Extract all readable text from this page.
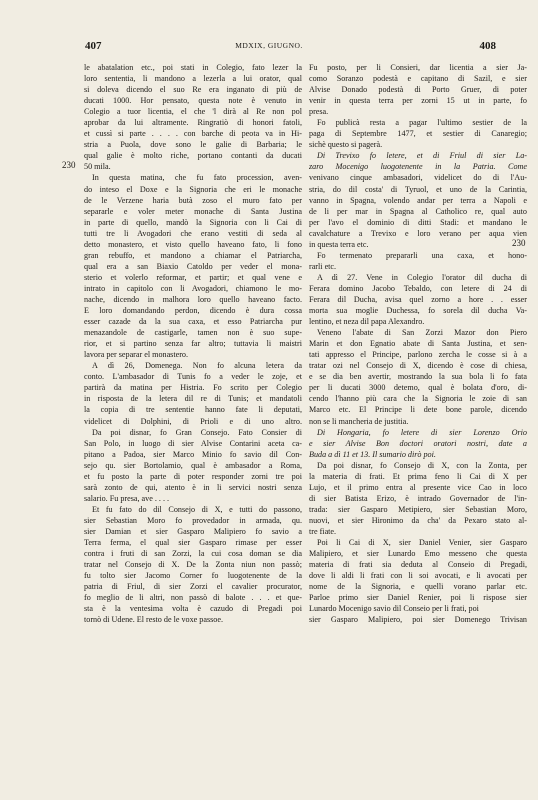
407	MDXIX, GIUGNO.	408
230
230
le abatalation etc., poi stati in Colegio, fato lezer la
loro sententia, li mandono a lezerla a lui orator, qual
si doleva dicendo el suo Re era inganato di più de
ducati 1000. Hor pensato, questa note è venuto in
Colegio a tuor licentia, el che 'l dirà al Re non pol
aprobar da lui altramente. Ringratiò di honori fatoli,
et cussì si parte . . . . con barche di peota va in Hi-
stria a Puola, dove sono le galie di Barbaria; le
qual galie è molto riche, portano contanti da ducati
50 mila.
In questa matina, che fu fato procession, aven-
do inteso el Doxe e la Signoria che eri le monache
de le Verzene haria butà zoso el muro fato per
separarle e voler meter monache di Santa Justina
in parte di quello, mandò la Signoria con li Cai di
tutti tre li Avogadori che erano vestiti di seda al
detto monastero, et visto quello haveano fato, li fono
gran rebuffo, et mandono a chiamar el Patriarcha,
qual era a san Biaxio Catoldo per veder el mona-
sterio et volerlo reformar, et partir; et qual vene e
intrato in capitolo con li Avogadori, chiamono le mo-
nache, dicendo in malhora loro quello haveano facto.
E loro domandando perdon, dicendo è dura cossa
esser cazade da la sua caxa, et esso Patriarcha pur
menazandole de castigarle, tamen non è suo supe-
rior, et si partino senza far altro; tuttavia li maistri
lavora per separar el monastero.
A dì 26, Domenega. Non fo alcuna letera da
conto. L'ambasador di Tunis fo a veder le zoje, et
partirà da matina per Histria. Fo scrito per Colegio
in risposta de la letera dil re di Tunis; et mandatoli
la copia di tre sententie hanno fate li deputati,
videlicet di Dolphini, di Prioli e di uno altro.
Da poi disnar, fo Gran Consejo. Fato Consier di
San Polo, in luogo di sier Alvise Contarini aceta ca-
pitano a Padoa, sier Marco Minio fo savio dil Con-
sejo qu. sier Bortolamio, qual è ambasador a Roma,
et fu posto la parte di poter responder zorni tre poi
sarà zonto de qui, atento è in li servici nostri senza
salario. Fu presa, ave . . . .
Et fu fato do dil Consejo di X, e tutti do passono,
sier Sebastian Moro fo provedador in armada, qu.
sier Damian et sier Gasparo Malipiero fo savio a
Terra ferma, el qual sier Gasparo rimase per esser
contra i fruti di san Zorzi, la cui cosa doman se dia
tratar nel Consejo di X. De la Zonta niun non passò;
fu tolto sier Jacomo Corner fo luogotenente de la
patria di Friul, di sier Zorzi el cavalier procurator,
fo meglio de li altri, non passò di balote . . . et que-
sta è la ventesima volta è cazudo di Pregadi poi
tornò di Udene. El resto de le voxe passoe.
Fu posto, per li Consieri, dar licentia a sier Ja-
como Soranzo podestà e capitano di Sazil, e sier
Alvise Donado podestà di Porto Gruer, di poter
venir in questa terra per zorni 15 ut in parte, fo
presa.
Fo publicà resta a pagar l'ultimo sestier de la
paga di Septembre 1477, et sestier di Canaregio;
sichè questo si pagerà.
Di Trevixo fo letere, et di Friul di sier La-
zaro Mocenigo luogotenente in la Patria. Come
venivano cinque ambasadori, videlicet do di l'Au-
stria, do dil costa' di Tyruol, et uno de la Carintia,
vanno in Spagna, volendo andar per terra a Napoli e
de li per mar in Spagna al Catholico re, qual auto
per l'avo el dominio di ditti Stadi: et mandano le
cavalchature a Trevixo e loro verano per aqua vien
in questa terra etc.
Fo termenato prepararli una caxa, et hono-
rarli etc.
A dì 27. Vene in Colegio l'orator dil ducha di
Ferara domino Jacobo Tebaldo, con letere di 24 di
Ferara dil Ducha, avisa quel zorno a hore . . esser
morta sua moglie Duchessa, fo sorela dil ducha Va-
lentino, et neza dil papa Alexandro.
Veneno l'abate di San Zorzi Mazor don Piero
Marin et don Egnatio abate di Santa Justina, et sen-
tati appresso el Principe, parlono zercha le cosse si à a
tratar ozi nel Consejo di X, dicendo è cose di chiesa,
e se dia ben avertir, mostrando la sua bola li fo fata
per li ducati 3000 detemo, qual è bolata d'oro, di-
cendo l'hanno più cara che la Signoria le zoie di san
Marco etc. El Principe li dete bone parole, dicendo
non se li mancheria de justitia.
Di Hongaria, fo letere di sier Lorenzo Orio
e sier Alvise Bon doctori oratori nostri, date a
Buda a dì 11 et 13. Il sumario dirò poi.
Da poi disnar, fo Consejo di X, con la Zonta, per
la materia di frati. Et prima feno li Cai di X per
Lujo, et il primo entra al presente vice Cao in loco
di sier Batista Erizo, è intrado Governador de l'in-
trada: sier Gasparo Metipiero, sier Sebastian Moro,
nuovi, et sier Hironimo da cha' da Pexaro stato al-
tre fiate.
Poi li Cai di X, sier Daniel Venier, sier Gasparo
Malipiero, et sier Lunardo Emo messeno che questa
materia di frati sia deduta al Conseio di Pregadi,
dove li aldi li frati con li soi avocati, e li avocati per
nome de la Signoria, e quelli vorano parlar etc.
Parloe primo sier Daniel Renier, poi li rispose sier
Lunardo Mocenigo savio dil Conseio per li frati, poi
sier Gasparo Malipiero, poi sier Domenego Trivisan
